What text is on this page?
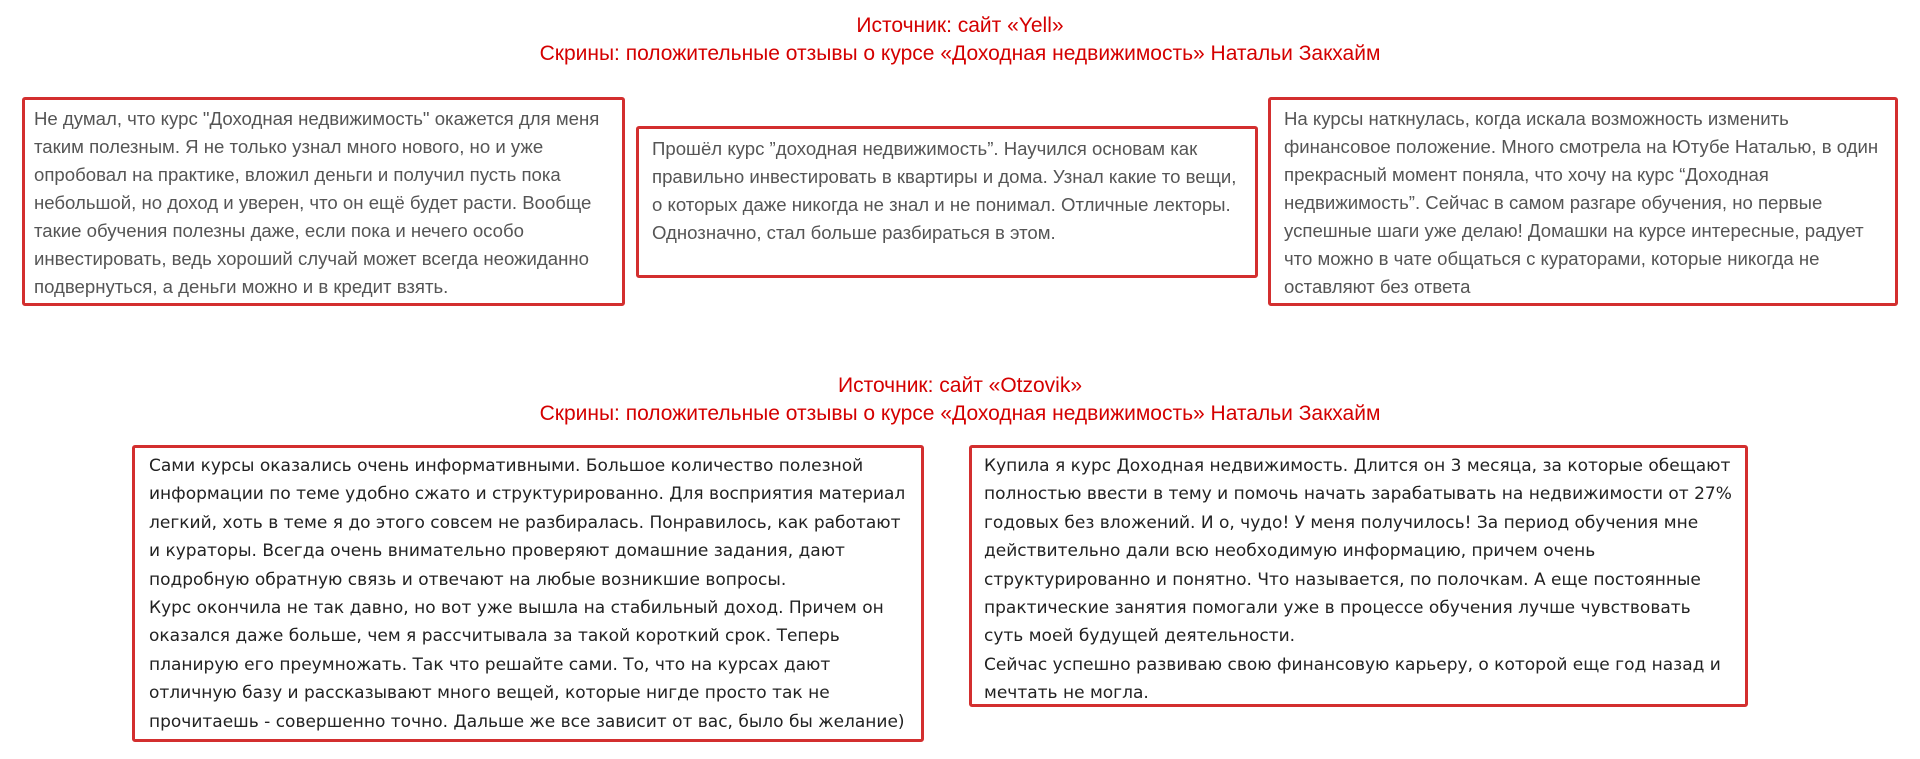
Источник: сайт «Yell»
Скрины: положительные отзывы о курсе «Доходная недвижимость» Натальи Закхайм

Не думал, что курс "Доходная недвижимость" окажется для меня таким полезным. Я не только узнал много нового, но и уже опробовал на практике, вложил деньги и получил пусть пока небольшой, но доход и уверен, что он ещё будет расти. Вообще такие обучения полезны даже, если пока и нечего особо инвестировать, ведь хороший случай может всегда неожиданно подвернуться, а деньги можно и в кредит взять.

Прошёл курс ”доходная недвижимость”. Научился основам как правильно инвестировать в квартиры и дома. Узнал какие то вещи, о которых даже никогда не знал и не понимал. Отличные лекторы. Однозначно, стал больше разбираться в этом.

На курсы наткнулась, когда искала возможность изменить финансовое положение. Много смотрела на Ютубе Наталью, в один прекрасный момент поняла, что хочу на курс “Доходная недвижимость”. Сейчас в самом разгаре обучения, но первые успешные шаги уже делаю! Домашки на курсе интересные, радует что можно в чате общаться с кураторами, которые никогда не оставляют без ответа

Источник: сайт «Otzovik»
Скрины: положительные отзывы о курсе «Доходная недвижимость» Натальи Закхайм

Сами курсы оказались очень информативными. Большое количество полезной информации по теме удобно сжато и структурированно. Для восприятия материал легкий, хоть в теме я до этого совсем не разбиралась. Понравилось, как работают и кураторы. Всегда очень внимательно проверяют домашние задания, дают подробную обратную связь и отвечают на любые возникшие вопросы.

Курс окончила не так давно, но вот уже вышла на стабильный доход. Причем он оказался даже больше, чем я рассчитывала за такой короткий срок. Теперь планирую его преумножать. Так что решайте сами. То, что на курсах дают отличную базу и рассказывают много вещей, которые нигде просто так не прочитаешь - совершенно точно. Дальше же все зависит от вас, было бы желание)

Купила я курс Доходная недвижимость. Длится он 3 месяца, за которые обещают полностью ввести в тему и помочь начать зарабатывать на недвижимости от 27% годовых без вложений. И о, чудо! У меня получилось! За период обучения мне действительно дали всю необходимую информацию, причем очень структурированно и понятно. Что называется, по полочкам. А еще постоянные практические занятия помогали уже в процессе обучения лучше чувствовать суть моей будущей деятельности.

Сейчас успешно развиваю свою финансовую карьеру, о которой еще год назад и мечтать не могла.
